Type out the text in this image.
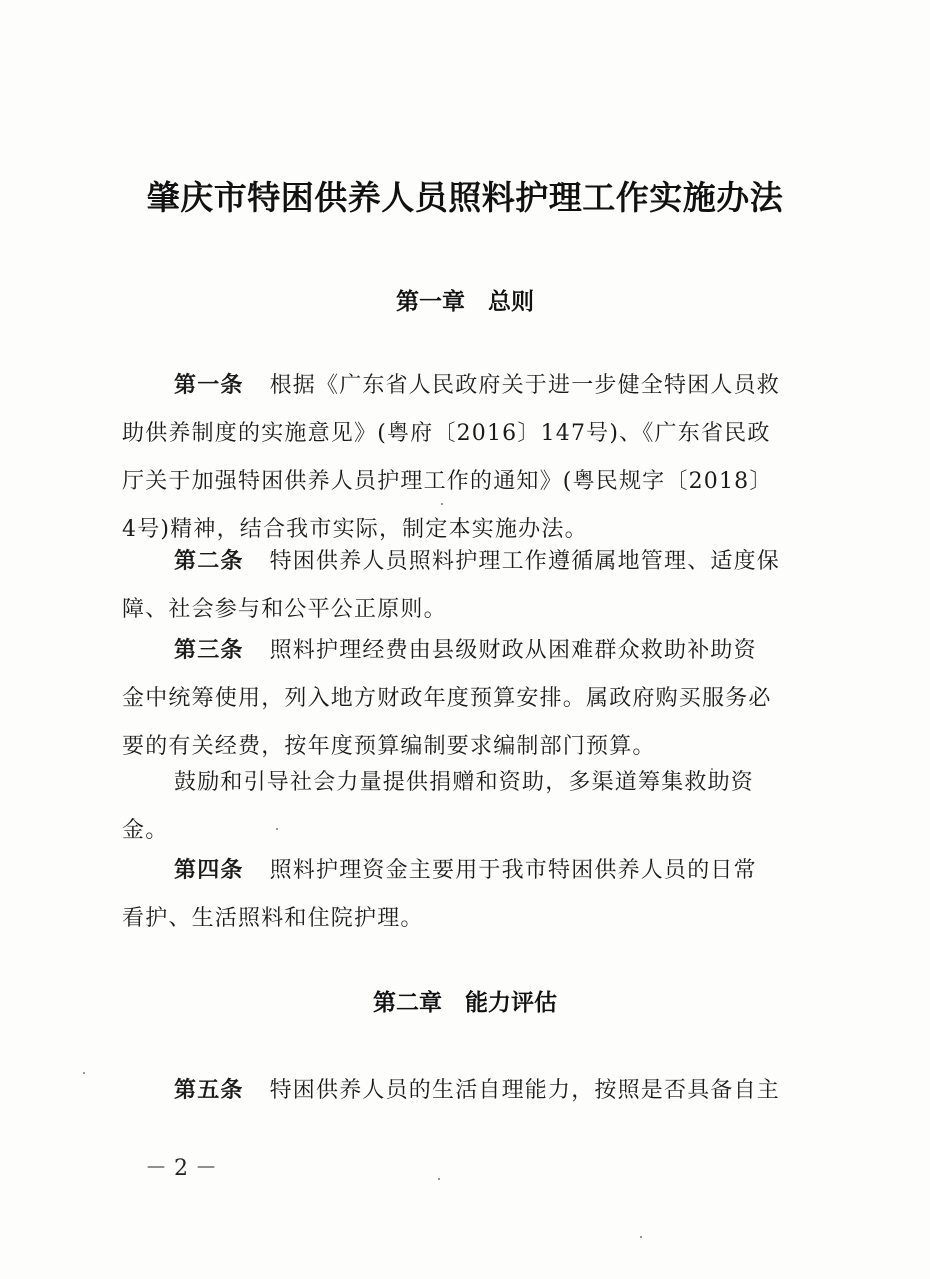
肇庆市特困供养人员照料护理工作实施办法
第一章　总则
第一条 根据《广东省人民政府关于进一步健全特困人员救
助供养制度的实施意见》(粤府〔2016〕147号)、《广东省民政
厅关于加强特困供养人员护理工作的通知》(粤民规字〔2018〕
4号)精神，结合我市实际，制定本实施办法。
第二条 特困供养人员照料护理工作遵循属地管理、适度保
障、社会参与和公平公正原则。
第三条 照料护理经费由县级财政从困难群众救助补助资
金中统筹使用，列入地方财政年度预算安排。属政府购买服务必
要的有关经费，按年度预算编制要求编制部门预算。
鼓励和引导社会力量提供捐赠和资助，多渠道筹集救助资
金。
第四条 照料护理资金主要用于我市特困供养人员的日常
看护、生活照料和住院护理。
第二章　能力评估
第五条 特困供养人员的生活自理能力，按照是否具备自主
－ 2 －
